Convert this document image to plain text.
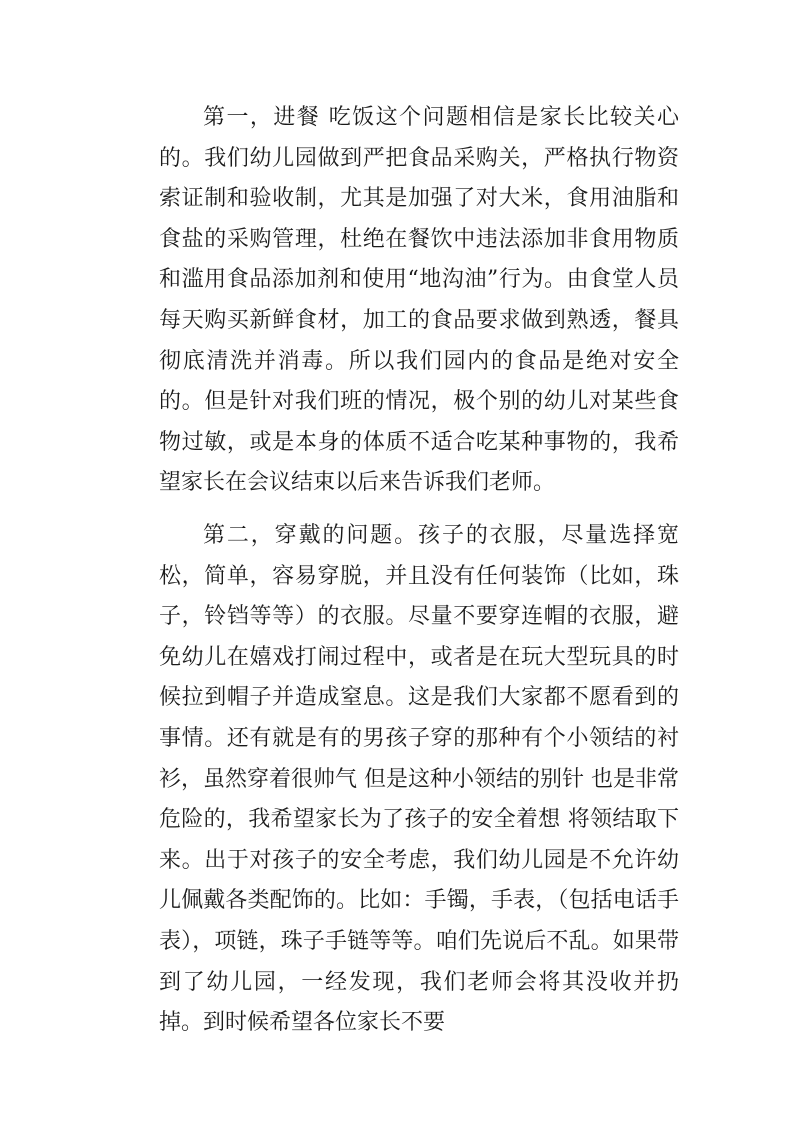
第一，进餐 吃饭这个问题相信是家长比较关心的。我们幼儿园做到严把食品采购关，严格执行物资索证制和验收制，尤其是加强了对大米，食用油脂和食盐的采购管理，杜绝在餐饮中违法添加非食用物质和滥用食品添加剂和使用“地沟油”行为。由食堂人员每天购买新鲜食材，加工的食品要求做到熟透，餐具彻底清洗并消毒。所以我们园内的食品是绝对安全的。但是针对我们班的情况，极个别的幼儿对某些食物过敏，或是本身的体质不适合吃某种事物的，我希望家长在会议结束以后来告诉我们老师。

第二，穿戴的问题。孩子的衣服，尽量选择宽松，简单，容易穿脱，并且没有任何装饰（比如，珠子，铃铛等等）的衣服。尽量不要穿连帽的衣服，避免幼儿在嬉戏打闹过程中，或者是在玩大型玩具的时候拉到帽子并造成窒息。这是我们大家都不愿看到的事情。还有就是有的男孩子穿的那种有个小领结的衬衫，虽然穿着很帅气 但是这种小领结的别针 也是非常危险的，我希望家长为了孩子的安全着想 将领结取下来。出于对孩子的安全考虑，我们幼儿园是不允许幼儿佩戴各类配饰的。比如：手镯，手表，（包括电话手表），项链，珠子手链等等。咱们先说后不乱。如果带到了幼儿园，一经发现，我们老师会将其没收并扔掉。到时候希望各位家长不要
